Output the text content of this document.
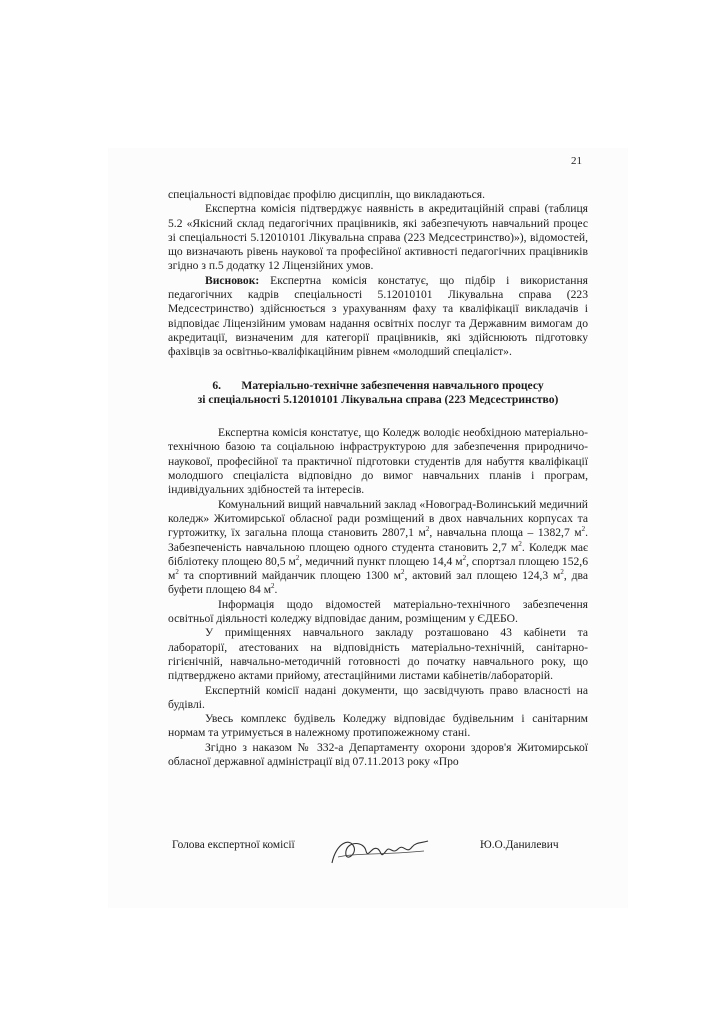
21

спеціальності відповідає профілю дисциплін, що викладаються.

Експертна комісія підтверджує наявність в акредитаційній справі (таблиця 5.2 «Якісний склад педагогічних працівників, які забезпечують навчальний процес зі спеціальності 5.12010101 Лікувальна справа (223 Медсестринство)»), відомостей, що визначають рівень наукової та професійної активності педагогічних працівників згідно з п.5 додатку 12 Ліцензійних умов.

Висновок: Експертна комісія констатує, що підбір і використання педагогічних кадрів спеціальності 5.12010101 Лікувальна справа (223 Медсестринство) здійснюється з урахуванням фаху та кваліфікації викладачів і відповідає Ліцензійним умовам надання освітніх послуг та Державним вимогам до акредитації, визначеним для категорії працівників, які здійснюють підготовку фахівців за освітньо-кваліфікаційним рівнем «молодший спеціаліст».

6. Матеріально-технічне забезпечення навчального процесу

зі спеціальності 5.12010101 Лікувальна справа (223 Медсестринство)

Експертна комісія констатує, що Коледж володіє необхідною матеріально-технічною базою та соціальною інфраструктурою для забезпечення природничо-наукової, професійної та практичної підготовки студентів для набуття кваліфікації молодшого спеціаліста відповідно до вимог навчальних планів і програм, індивідуальних здібностей та інтересів.

Комунальний вищий навчальний заклад «Новоград-Волинський медичний коледж» Житомирської обласної ради розміщений в двох навчальних корпусах та гуртожитку, їх загальна площа становить 2807,1 $м^2$, навчальна площа – 1382,7 $м^2$. Забезпеченість навчальною площею одного студента становить 2,7 $м^2$. Коледж має бібліотеку площею 80,5 $м^2$, медичний пункт площею 14,4 $м^2$, спортзал площею 152,6 $м^2$ та спортивний майданчик площею 1300 $м^2$, актовий зал площею 124,3 $м^2$, два буфети площею 84 $м^2$.

Інформація щодо відомостей матеріально-технічного забезпечення освітньої діяльності коледжу відповідає даним, розміщеним у ЄДЕБО.

У приміщеннях навчального закладу розташовано 43 кабінети та лабораторії, атестованих на відповідність матеріально-технічній, санітарно-гігієнічній, навчально-методичній готовності до початку навчального року, що підтверджено актами прийому, атестаційними листами кабінетів/лабораторій.

Експертній комісії надані документи, що засвідчують право власності на будівлі.

Увесь комплекс будівель Коледжу відповідає будівельним і санітарним нормам та утримується в належному протипожежному стані.

Згідно з наказом № 332-а Департаменту охорони здоров'я Житомирської обласної державної адміністрації від 07.11.2013 року «Про

Голова експертної комісії	Ю.О.Данилевич
